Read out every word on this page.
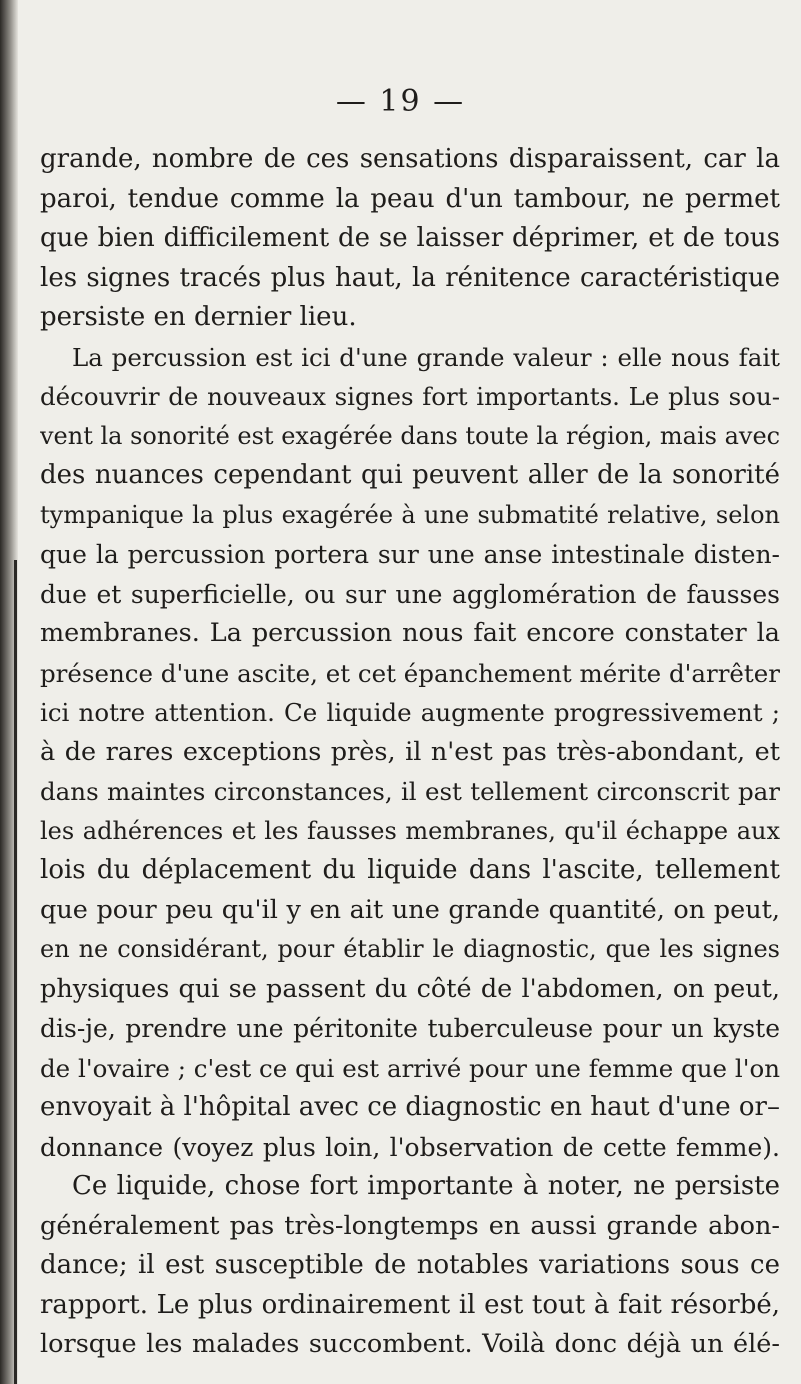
— 19 —
grande, nombre de ces sensations disparaissent, car la
paroi, tendue comme la peau d'un tambour, ne permet
que bien difficilement de se laisser déprimer, et de tous
les signes tracés plus haut, la rénitence caractéristique
persiste en dernier lieu.
La percussion est ici d'une grande valeur : elle nous fait
découvrir de nouveaux signes fort importants. Le plus sou-
vent la sonorité est exagérée dans toute la région, mais avec
des nuances cependant qui peuvent aller de la sonorité
tympanique la plus exagérée à une submatité relative, selon
que la percussion portera sur une anse intestinale disten-
due et superficielle, ou sur une agglomération de fausses
membranes. La percussion nous fait encore constater la
présence d'une ascite, et cet épanchement mérite d'arrêter
ici notre attention. Ce liquide augmente progressivement ;
à de rares exceptions près, il n'est pas très-abondant, et
dans maintes circonstances, il est tellement circonscrit par
les adhérences et les fausses membranes, qu'il échappe aux
lois du déplacement du liquide dans l'ascite, tellement
que pour peu qu'il y en ait une grande quantité, on peut,
en ne considérant, pour établir le diagnostic, que les signes
physiques qui se passent du côté de l'abdomen, on peut,
dis-je, prendre une péritonite tuberculeuse pour un kyste
de l'ovaire ; c'est ce qui est arrivé pour une femme que l'on
envoyait à l'hôpital avec ce diagnostic en haut d'une or–
donnance (voyez plus loin, l'observation de cette femme).
Ce liquide, chose fort importante à noter, ne persiste
généralement pas très-longtemps en aussi grande abon-
dance; il est susceptible de notables variations sous ce
rapport. Le plus ordinairement il est tout à fait résorbé,
lorsque les malades succombent. Voilà donc déjà un élé-
